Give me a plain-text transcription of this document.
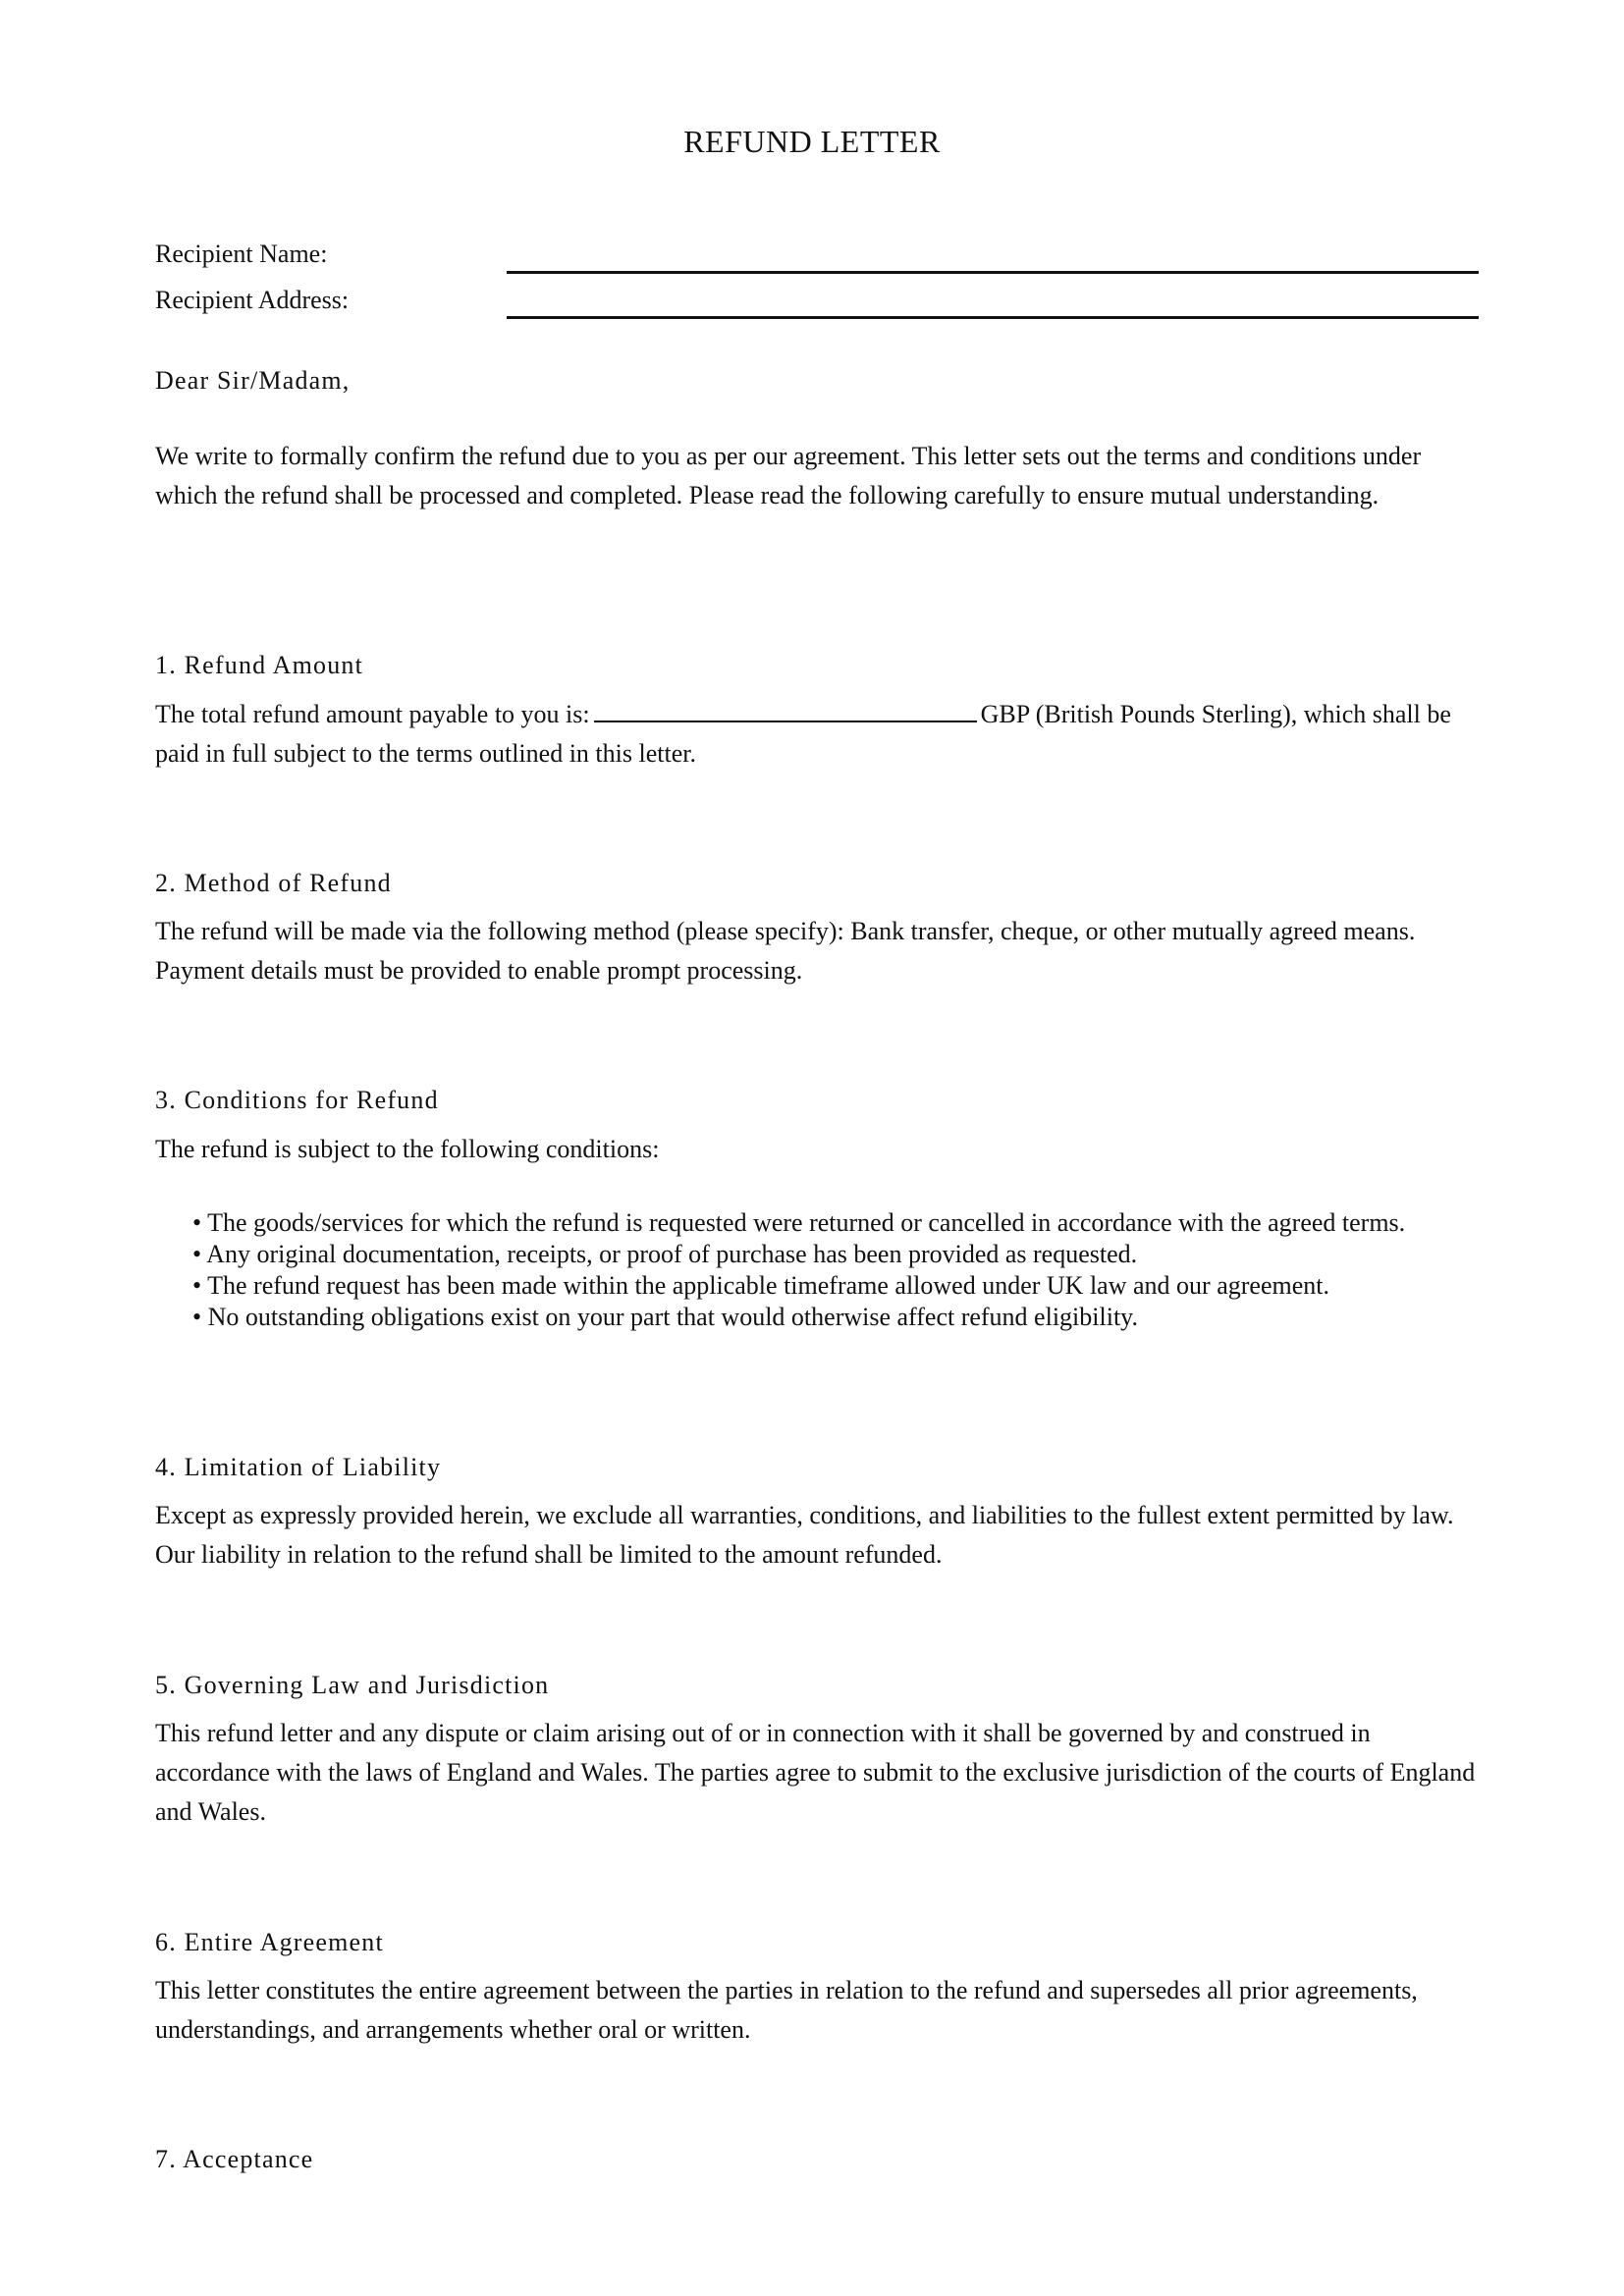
REFUND LETTER
Recipient Name:
Recipient Address:
Dear Sir/Madam,
We write to formally confirm the refund due to you as per our agreement. This letter sets out the terms and conditions under which the refund shall be processed and completed. Please read the following carefully to ensure mutual understanding.
1. Refund Amount
The total refund amount payable to you is:	GBP (British Pounds Sterling), which shall be paid in full subject to the terms outlined in this letter.
2. Method of Refund
The refund will be made via the following method (please specify): Bank transfer, cheque, or other mutually agreed means. Payment details must be provided to enable prompt processing.
3. Conditions for Refund
The refund is subject to the following conditions:
• The goods/services for which the refund is requested were returned or cancelled in accordance with the agreed terms.
• Any original documentation, receipts, or proof of purchase has been provided as requested.
• The refund request has been made within the applicable timeframe allowed under UK law and our agreement.
• No outstanding obligations exist on your part that would otherwise affect refund eligibility.
4. Limitation of Liability
Except as expressly provided herein, we exclude all warranties, conditions, and liabilities to the fullest extent permitted by law. Our liability in relation to the refund shall be limited to the amount refunded.
5. Governing Law and Jurisdiction
This refund letter and any dispute or claim arising out of or in connection with it shall be governed by and construed in accordance with the laws of England and Wales. The parties agree to submit to the exclusive jurisdiction of the courts of England and Wales.
6. Entire Agreement
This letter constitutes the entire agreement between the parties in relation to the refund and supersedes all prior agreements, understandings, and arrangements whether oral or written.
7. Acceptance
